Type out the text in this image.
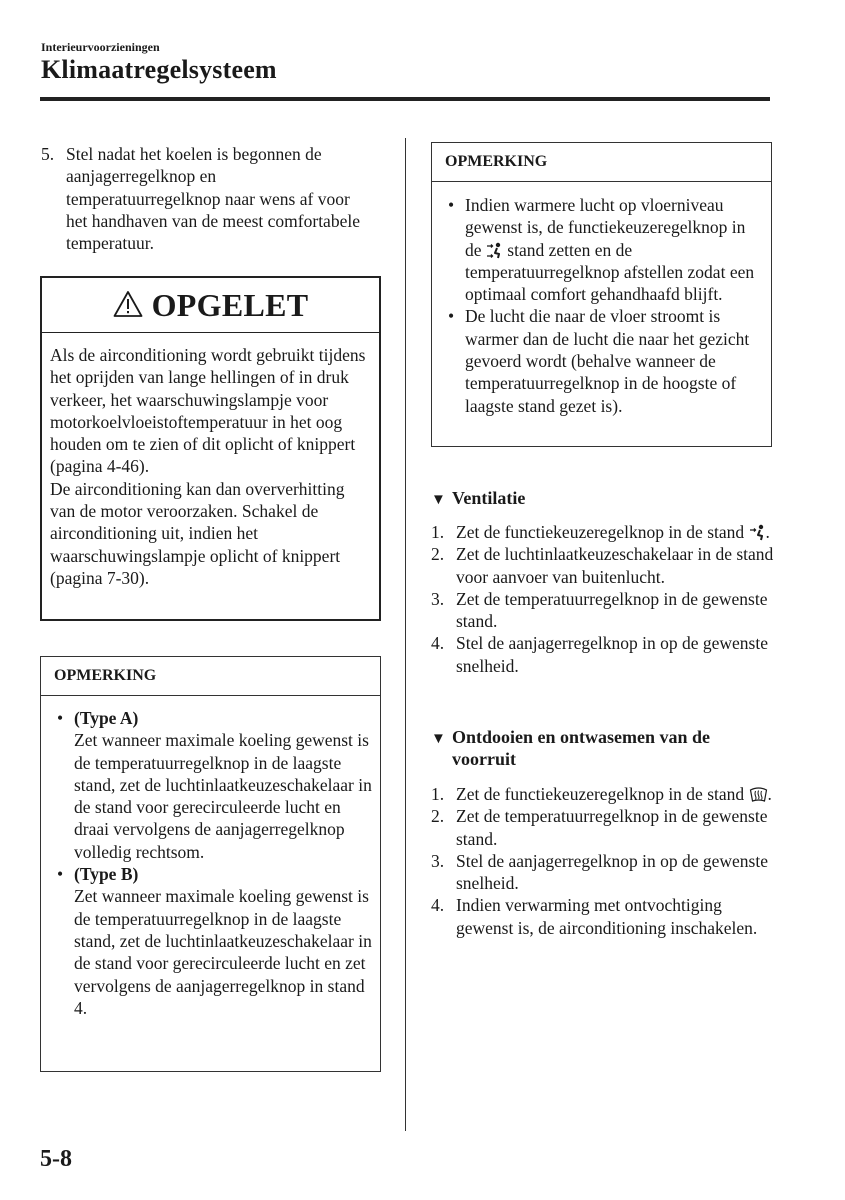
Interieurvoorzieningen
Klimaatregelsysteem
5. Stel nadat het koelen is begonnen de aanjagerregelknop en temperatuurregelknop naar wens af voor het handhaven van de meest comfortabele temperatuur.
OPGELET

Als de airconditioning wordt gebruikt tijdens het oprijden van lange hellingen of in druk verkeer, het waarschuwingslampje voor motorkoelvloeistoftemperatuur in het oog houden om te zien of dit oplicht of knippert (pagina 4-46).

De airconditioning kan dan oververhitting van de motor veroorzaken. Schakel de airconditioning uit, indien het waarschuwingslampje oplicht of knippert (pagina 7-30).

OPMERKING
• (Type A)
Zet wanneer maximale koeling gewenst is de temperatuurregelknop in de laagste stand, zet de luchtinlaatkeuzeschakelaar in de stand voor gerecirculeerde lucht en draai vervolgens de aanjagerregelknop volledig rechtsom.
• (Type B)
Zet wanneer maximale koeling gewenst is de temperatuurregelknop in de laagste stand, zet de luchtinlaatkeuzeschakelaar in de stand voor gerecirculeerde lucht en zet vervolgens de aanjagerregelknop in stand 4.
OPMERKING
• Indien warmere lucht op vloerniveau gewenst is, de functiekeuzeregelknop in de stand zetten en de temperatuurregelknop afstellen zodat een optimaal comfort gehandhaafd blijft.
• De lucht die naar de vloer stroomt is warmer dan de lucht die naar het gezicht gevoerd wordt (behalve wanneer de temperatuurregelknop in de hoogste of laagste stand gezet is).
▼ Ventilatie
1. Zet de functiekeuzeregelknop in de stand .
2. Zet de luchtinlaatkeuzeschakelaar in de stand voor aanvoer van buitenlucht.
3. Zet de temperatuurregelknop in de gewenste stand.
4. Stel de aanjagerregelknop in op de gewenste snelheid.
▼ Ontdooien en ontwasemen van de voorruit
1. Zet de functiekeuzeregelknop in de stand .
2. Zet de temperatuurregelknop in de gewenste stand.
3. Stel de aanjagerregelknop in op de gewenste snelheid.
4. Indien verwarming met ontvochtiging gewenst is, de airconditioning inschakelen.
5-8
